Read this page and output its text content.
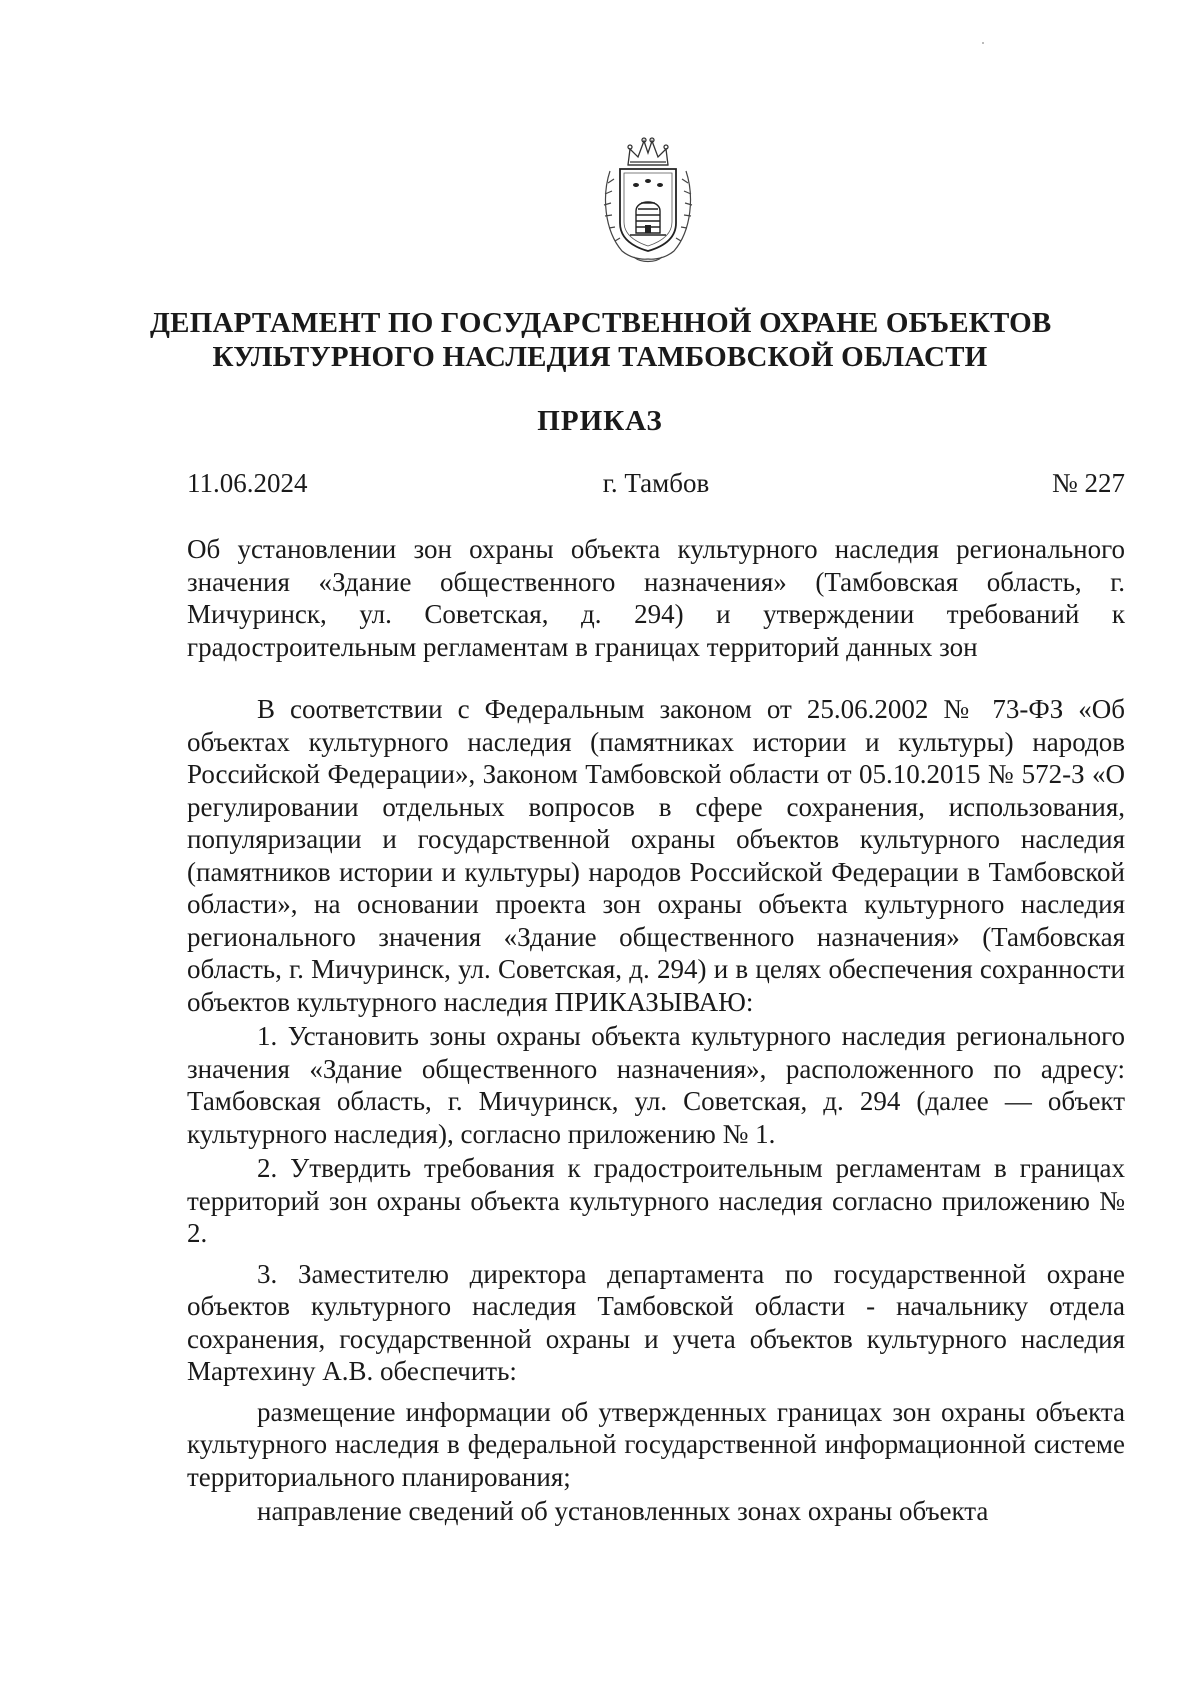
ДЕПАРТАМЕНТ ПО ГОСУДАРСТВЕННОЙ ОХРАНЕ ОБЪЕКТОВ
КУЛЬТУРНОГО НАСЛЕДИЯ ТАМБОВСКОЙ ОБЛАСТИ
ПРИКАЗ
11.06.2024	г. Тамбов	№ 227
Об установлении зон охраны объекта культурного наследия регионального значения «Здание общественного назначения» (Тамбовская область, г. Мичуринск, ул. Советская, д. 294) и утверждении требований к градостроительным регламентам в границах территорий данных зон

В соответствии с Федеральным законом от 25.06.2002 № 73-ФЗ «Об объектах культурного наследия (памятниках истории и культуры) народов Российской Федерации», Законом Тамбовской области от 05.10.2015 № 572-З «О регулировании отдельных вопросов в сфере сохранения, использования, популяризации и государственной охраны объектов культурного наследия (памятников истории и культуры) народов Российской Федерации в Тамбовской области», на основании проекта зон охраны объекта культурного наследия регионального значения «Здание общественного назначения» (Тамбовская область, г. Мичуринск, ул. Советская, д. 294) и в целях обеспечения сохранности объектов культурного наследия ПРИКАЗЫВАЮ:

1. Установить зоны охраны объекта культурного наследия регионального значения «Здание общественного назначения», расположенного по адресу: Тамбовская область, г. Мичуринск, ул. Советская, д. 294 (далее — объект культурного наследия), согласно приложению № 1.

2. Утвердить требования к градостроительным регламентам в границах территорий зон охраны объекта культурного наследия согласно приложению № 2.

3. Заместителю директора департамента по государственной охране объектов культурного наследия Тамбовской области - начальнику отдела сохранения, государственной охраны и учета объектов культурного наследия Мартехину А.В. обеспечить:

размещение информации об утвержденных границах зон охраны объекта культурного наследия в федеральной государственной информационной системе территориального планирования;

направление сведений об установленных зонах охраны объекта
